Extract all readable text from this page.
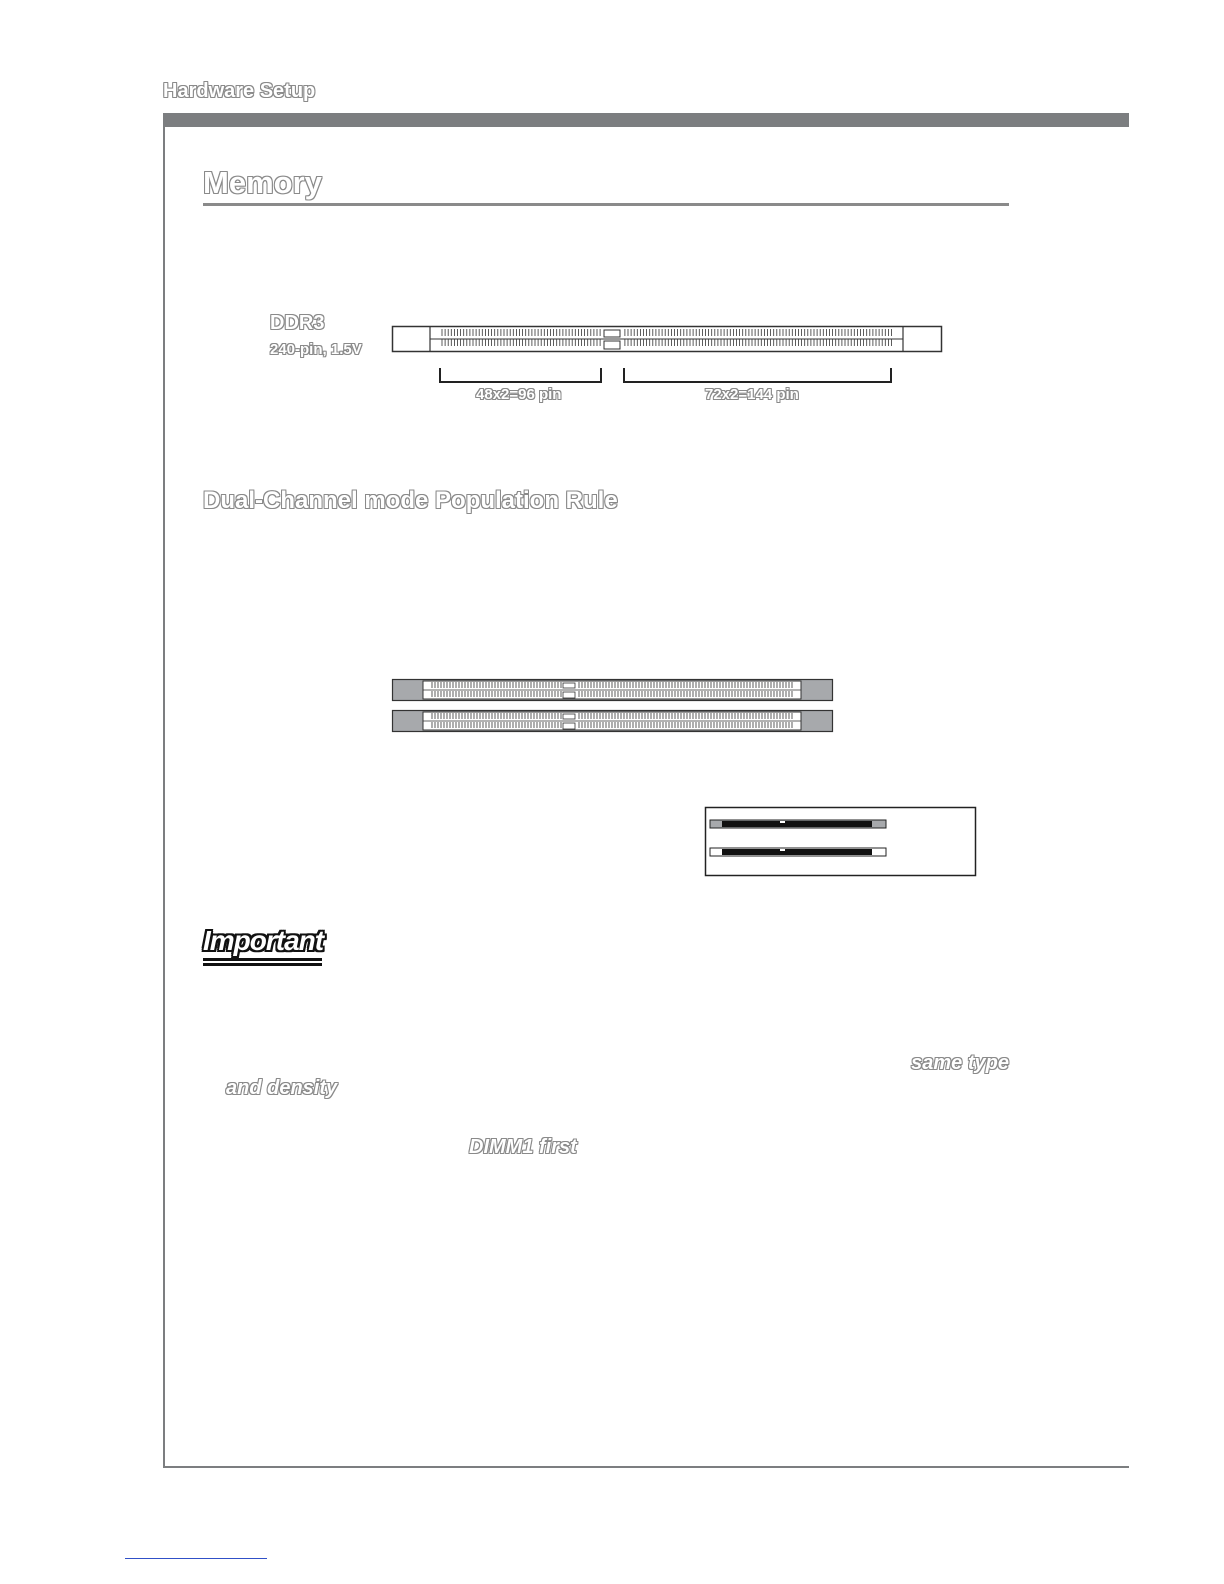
Hardware Setup
Memory
DDR3
240-pin, 1.5V
48x2=96 pin	72x2=144 pin
Dual-Channel mode Population Rule
Important
same type
and density
DIMM1 first
